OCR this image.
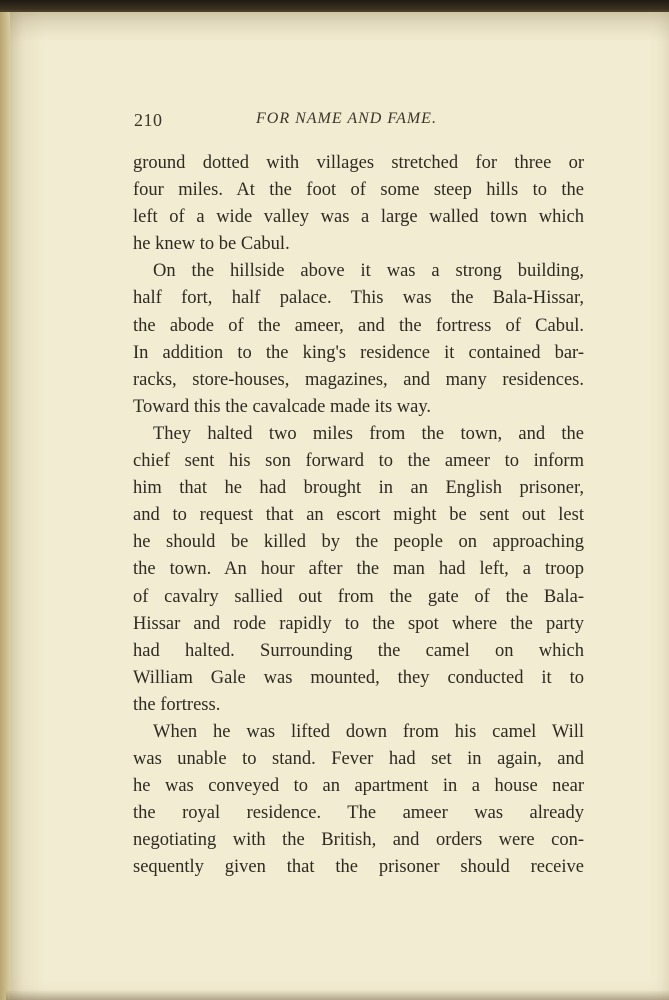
210	FOR NAME AND FAME.
ground dotted with villages stretched for three or
four miles. At the foot of some steep hills to the
left of a wide valley was a large walled town which
he knew to be Cabul.
On the hillside above it was a strong building,
half fort, half palace. This was the Bala-Hissar,
the abode of the ameer, and the fortress of Cabul.
In addition to the king's residence it contained bar-
racks, store-houses, magazines, and many residences.
Toward this the cavalcade made its way.
They halted two miles from the town, and the
chief sent his son forward to the ameer to inform
him that he had brought in an English prisoner,
and to request that an escort might be sent out lest
he should be killed by the people on approaching
the town. An hour after the man had left, a troop
of cavalry sallied out from the gate of the Bala-
Hissar and rode rapidly to the spot where the party
had halted. Surrounding the camel on which
William Gale was mounted, they conducted it to
the fortress.
When he was lifted down from his camel Will
was unable to stand. Fever had set in again, and
he was conveyed to an apartment in a house near
the royal residence. The ameer was already
negotiating with the British, and orders were con-
sequently given that the prisoner should receive
